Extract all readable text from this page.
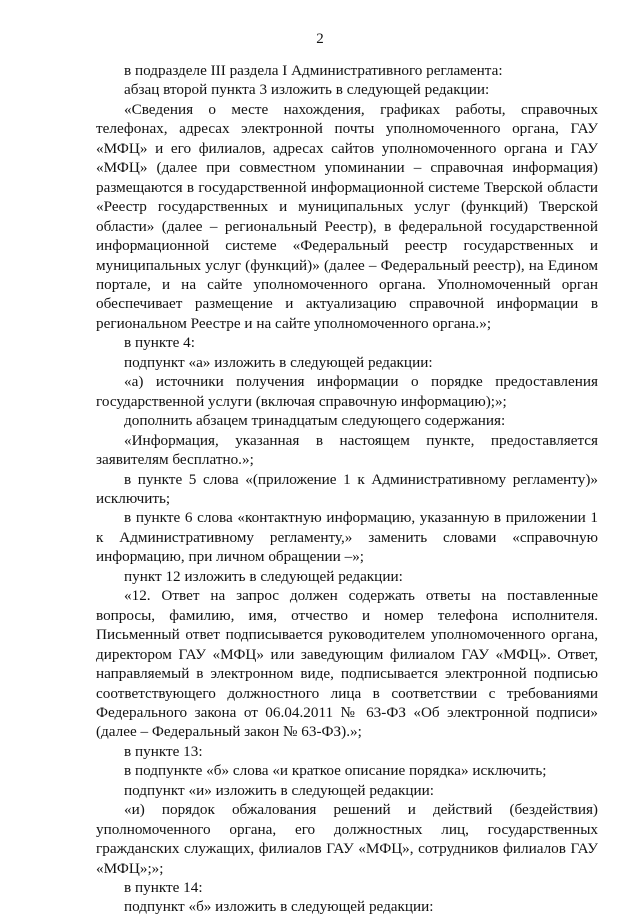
2

в подразделе III раздела I Административного регламента:

абзац второй пункта 3 изложить в следующей редакции:

«Сведения о месте нахождения, графиках работы, справочных телефонах, адресах электронной почты уполномоченного органа, ГАУ «МФЦ» и его филиалов, адресах сайтов уполномоченного органа и ГАУ «МФЦ» (далее при совместном упоминании – справочная информация) размещаются в государственной информационной системе Тверской области «Реестр государственных и муниципальных услуг (функций) Тверской области» (далее – региональный Реестр), в федеральной государственной информационной системе «Федеральный реестр государственных и муниципальных услуг (функций)» (далее – Федеральный реестр), на Едином портале, и на сайте уполномоченного органа. Уполномоченный орган обеспечивает размещение и актуализацию справочной информации в региональном Реестре и на сайте уполномоченного органа.»;

в пункте 4:

подпункт «а» изложить в следующей редакции:

«а) источники получения информации о порядке предоставления государственной услуги (включая справочную информацию);»;

дополнить абзацем тринадцатым следующего содержания:

«Информация, указанная в настоящем пункте, предоставляется заявителям бесплатно.»;

в пункте 5 слова «(приложение 1 к Административному регламенту)» исключить;

в пункте 6 слова «контактную информацию, указанную в приложении 1 к Административному регламенту,» заменить словами «справочную информацию, при личном обращении –»;

пункт 12 изложить в следующей редакции:

«12. Ответ на запрос должен содержать ответы на поставленные вопросы, фамилию, имя, отчество и номер телефона исполнителя. Письменный ответ подписывается руководителем уполномоченного органа, директором ГАУ «МФЦ» или заведующим филиалом ГАУ «МФЦ». Ответ, направляемый в электронном виде, подписывается электронной подписью соответствующего должностного лица в соответствии с требованиями Федерального закона от 06.04.2011 № 63-ФЗ «Об электронной подписи» (далее – Федеральный закон № 63-ФЗ).»;

в пункте 13:

в подпункте «б» слова «и краткое описание порядка» исключить;

подпункт «и» изложить в следующей редакции:

«и) порядок обжалования решений и действий (бездействия) уполномоченного органа, его должностных лиц, государственных гражданских служащих, филиалов ГАУ «МФЦ», сотрудников филиалов ГАУ «МФЦ»;»;

в пункте 14:

подпункт «б» изложить в следующей редакции:
